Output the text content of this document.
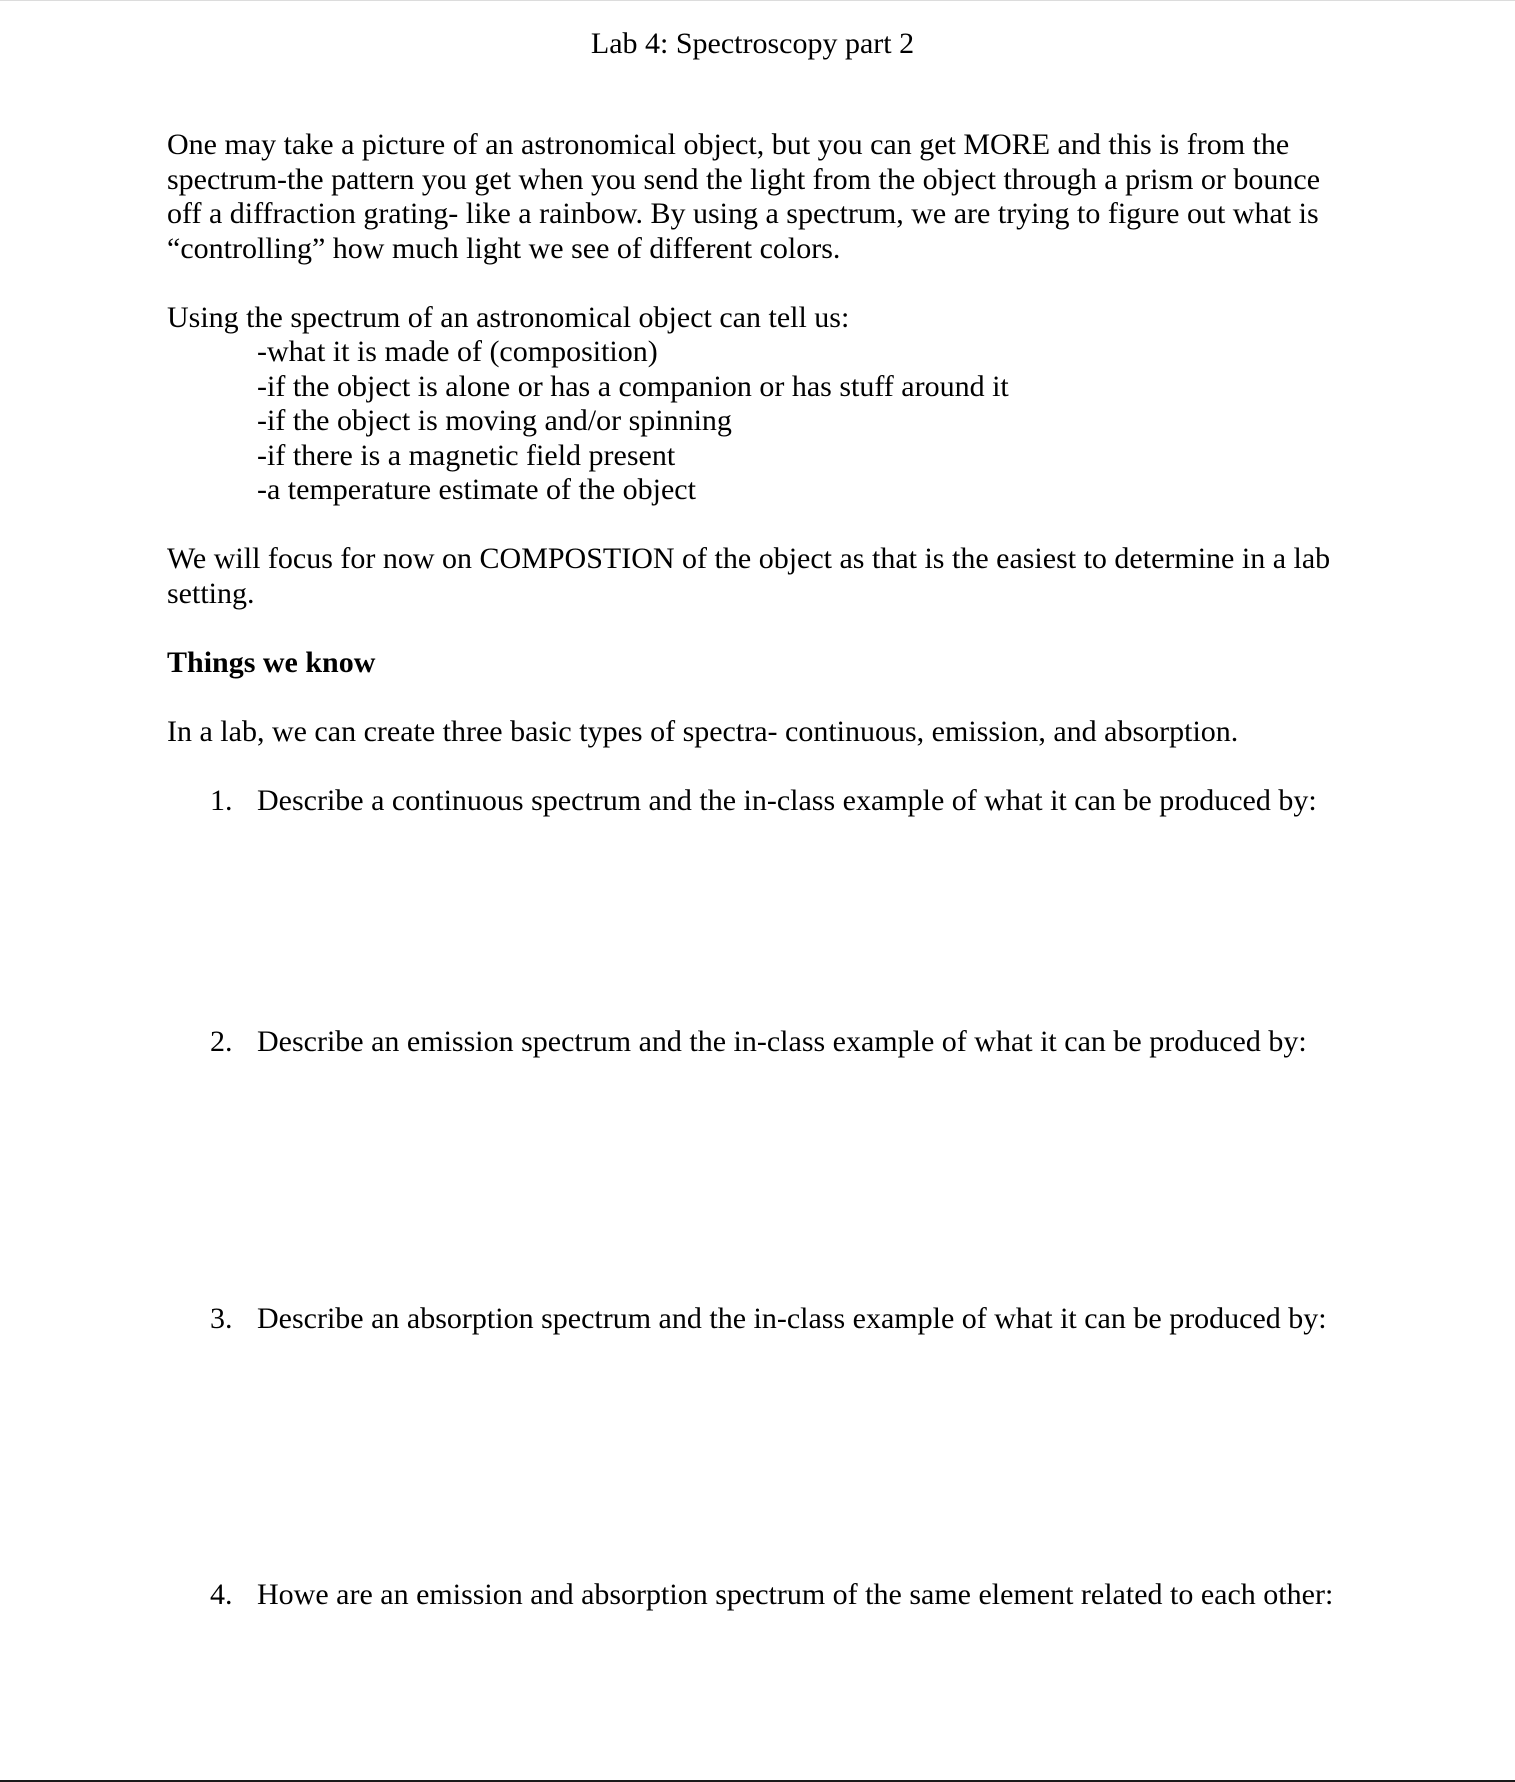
Lab 4: Spectroscopy part 2
One may take a picture of an astronomical object, but you can get MORE and this is from the
spectrum-the pattern you get when you send the light from the object through a prism or bounce
off a diffraction grating- like a rainbow. By using a spectrum, we are trying to figure out what is
“controlling” how much light we see of different colors.
Using the spectrum of an astronomical object can tell us:
-what it is made of (composition)
-if the object is alone or has a companion or has stuff around it
-if the object is moving and/or spinning
-if there is a magnetic field present
-a temperature estimate of the object
We will focus for now on COMPOSTION of the object as that is the easiest to determine in a lab
setting.
Things we know
In a lab, we can create three basic types of spectra- continuous, emission, and absorption.
1. Describe a continuous spectrum and the in-class example of what it can be produced by:
2. Describe an emission spectrum and the in-class example of what it can be produced by:
3. Describe an absorption spectrum and the in-class example of what it can be produced by:
4. Howe are an emission and absorption spectrum of the same element related to each other:
